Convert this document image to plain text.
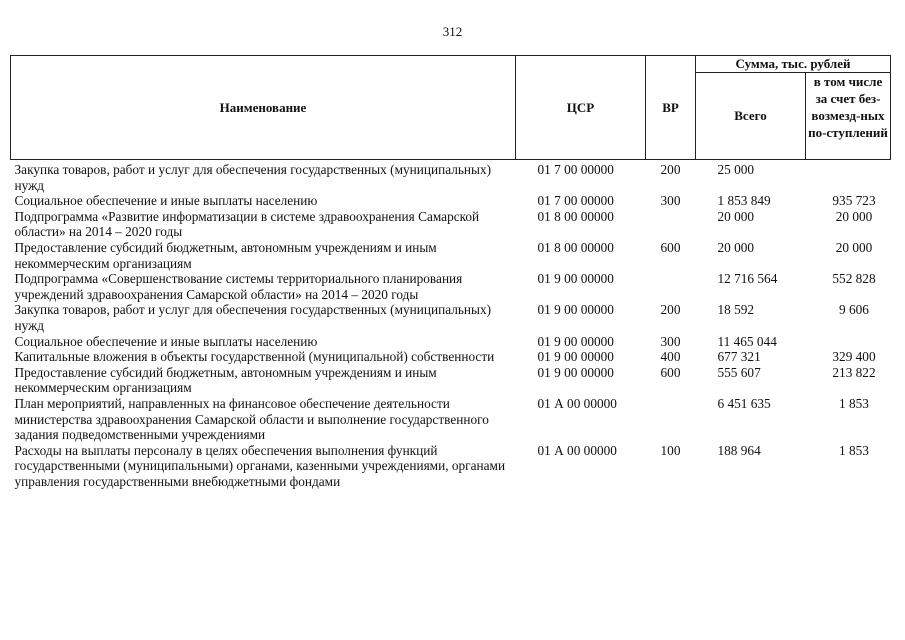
312
Наименование	ЦСР	ВР	Сумма, тыс. рублей	
			Всего	в том числе за счет без-возмезд-ных по-ступлений
Закупка товаров, работ и услуг для обеспечения государственных (муниципальных) нужд	01 7 00 00000	200	25 000	
Социальное обеспечение и иные выплаты населению	01 7 00 00000	300	1 853 849	935 723
Подпрограмма «Развитие информатизации в системе здравоохранения Самарской области» на 2014 – 2020 годы	01 8 00 00000		20 000	20 000
Предоставление субсидий бюджетным, автономным учреждениям и иным некоммерческим организациям	01 8 00 00000	600	20 000	20 000
Подпрограмма «Совершенствование системы территориального планирования учреждений здравоохранения Самарской области» на 2014 – 2020 годы	01 9 00 00000		12 716 564	552 828
Закупка товаров, работ и услуг для обеспечения государственных (муниципальных) нужд	01 9 00 00000	200	18 592	9 606
Социальное обеспечение и иные выплаты населению	01 9 00 00000	300	11 465 044	
Капитальные вложения в объекты государственной (муниципальной) собственности	01 9 00 00000	400	677 321	329 400
Предоставление субсидий бюджетным, автономным учреждениям и иным некоммерческим организациям	01 9 00 00000	600	555 607	213 822
План мероприятий, направленных на финансовое обеспечение деятельности министерства здравоохранения Самарской области и выполнение государственного задания подведомственными учреждениями	01 А 00 00000		6 451 635	1 853
Расходы на выплаты персоналу в целях обеспечения выполнения функций государственными (муниципальными) органами, казенными учреждениями, органами управления государственными внебюджетными фондами	01 А 00 00000	100	188 964	1 853
